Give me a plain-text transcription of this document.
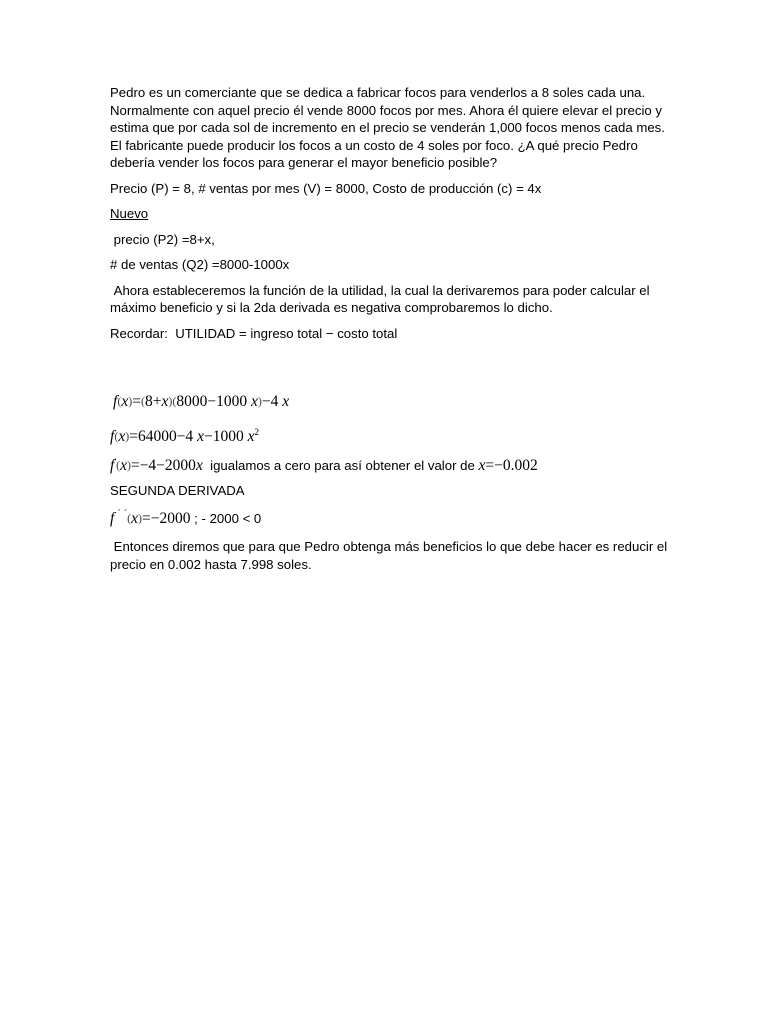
Pedro es un comerciante que se dedica a fabricar focos para venderlos a 8 soles cada una. Normalmente con aquel precio él vende 8000 focos por mes. Ahora él quiere elevar el precio y estima que por cada sol de incremento en el precio se venderán 1,000 focos menos cada mes. El fabricante puede producir los focos a un costo de 4 soles por foco. ¿A qué precio Pedro debería vender los focos para generar el mayor beneficio posible?

Precio (P) = 8, # ventas por mes (V) = 8000, Costo de producción (c) = 4x

Nuevo

precio (P2) =8+x,

# de ventas (Q2) =8000-1000x

Ahora estableceremos la función de la utilidad, la cual la derivaremos para poder calcular el máximo beneficio y si la 2da derivada es negativa comprobaremos lo dicho.

Recordar:  UTILIDAD = ingreso total − costo total

f(x)=(8+x)(8000−1000 x)−4 x
f(x)=64000−4 x−1000 $x^2$
f′(x)=−4−2000x  igualamos a cero para así obtener el valor de x=−0.002
SEGUNDA DERIVADA
f ´ ´(x)=−2000 ; - 2000 < 0

Entonces diremos que para que Pedro obtenga más beneficios lo que debe hacer es reducir el precio en 0.002 hasta 7.998 soles.
